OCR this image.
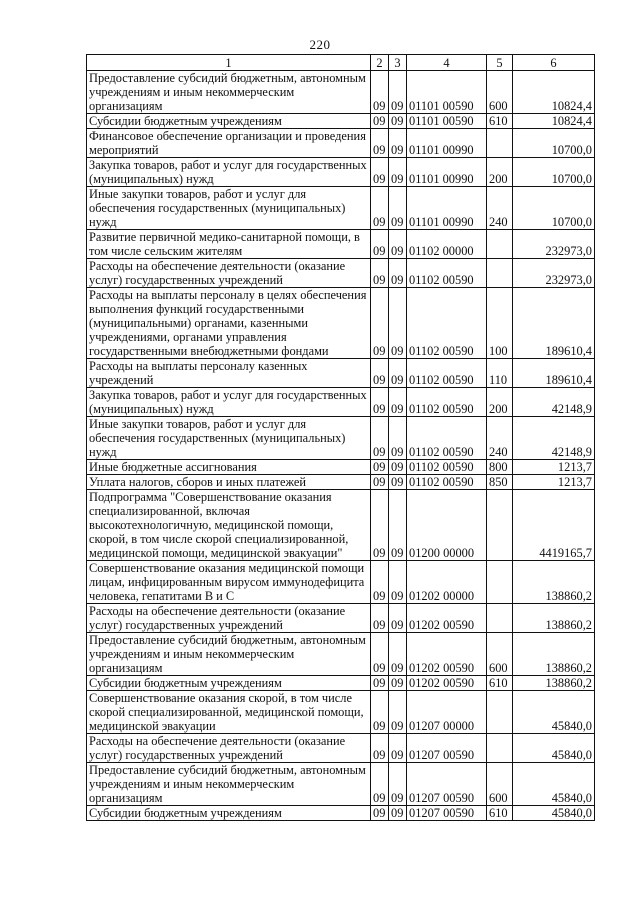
220
1	2	3	4	5	6
Предоставление субсидий бюджетным, автономным учреждениям и иным некоммерческим организациям	09	09	01101 00590	600	10824,4
Субсидии бюджетным учреждениям	09	09	01101 00590	610	10824,4
Финансовое обеспечение организации и проведения мероприятий	09	09	01101 00990		10700,0
Закупка товаров, работ и услуг для государственных (муниципальных) нужд	09	09	01101 00990	200	10700,0
Иные закупки товаров, работ и услуг для обеспечения государственных (муниципальных) нужд	09	09	01101 00990	240	10700,0
Развитие первичной медико-санитарной помощи, в том числе сельским жителям	09	09	01102 00000		232973,0
Расходы на обеспечение деятельности (оказание услуг) государственных учреждений	09	09	01102 00590		232973,0
Расходы на выплаты персоналу в целях обеспечения выполнения функций государственными (муниципальными) органами, казенными учреждениями, органами управления государственными внебюджетными фондами	09	09	01102 00590	100	189610,4
Расходы на выплаты персоналу казенных учреждений	09	09	01102 00590	110	189610,4
Закупка товаров, работ и услуг для государственных (муниципальных) нужд	09	09	01102 00590	200	42148,9
Иные закупки товаров, работ и услуг для обеспечения государственных (муниципальных) нужд	09	09	01102 00590	240	42148,9
Иные бюджетные ассигнования	09	09	01102 00590	800	1213,7
Уплата налогов, сборов и иных платежей	09	09	01102 00590	850	1213,7
Подпрограмма "Совершенствование оказания специализированной, включая высокотехнологичную, медицинской помощи, скорой, в том числе скорой специализированной, медицинской помощи, медицинской эвакуации"	09	09	01200 00000		4419165,7
Совершенствование оказания медицинской помощи лицам, инфицированным вирусом иммунодефицита человека, гепатитами В и С	09	09	01202 00000		138860,2
Расходы на обеспечение деятельности (оказание услуг) государственных учреждений	09	09	01202 00590		138860,2
Предоставление субсидий бюджетным, автономным учреждениям и иным некоммерческим организациям	09	09	01202 00590	600	138860,2
Субсидии бюджетным учреждениям	09	09	01202 00590	610	138860,2
Совершенствование оказания скорой, в том числе скорой специализированной, медицинской помощи, медицинской эвакуации	09	09	01207 00000		45840,0
Расходы на обеспечение деятельности (оказание услуг) государственных учреждений	09	09	01207 00590		45840,0
Предоставление субсидий бюджетным, автономным учреждениям и иным некоммерческим организациям	09	09	01207 00590	600	45840,0
Субсидии бюджетным учреждениям	09	09	01207 00590	610	45840,0
